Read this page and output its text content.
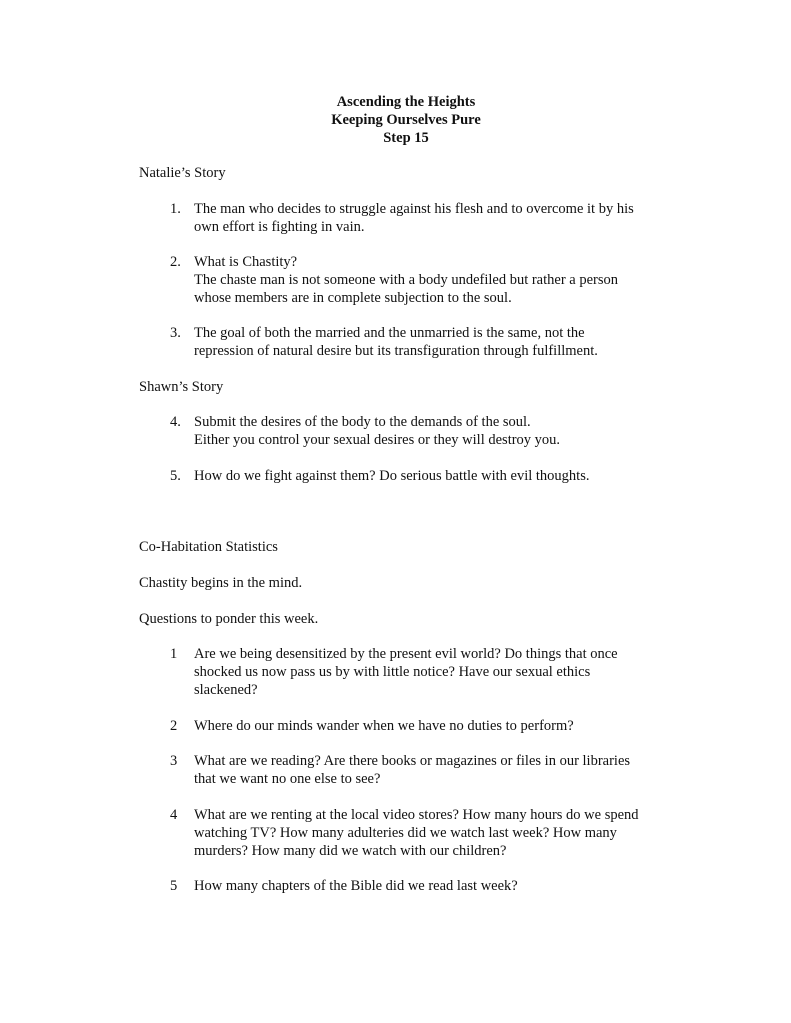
Ascending the Heights
Keeping Ourselves Pure
Step 15
Natalie’s Story
1. The man who decides to struggle against his flesh and to overcome it by his
own effort is fighting in vain.
2. What is Chastity?
The chaste man is not someone with a body undefiled but rather a person
whose members are in complete subjection to the soul.
3. The goal of both the married and the unmarried is the same, not the
repression of natural desire but its transfiguration through fulfillment.
Shawn’s Story
4. Submit the desires of the body to the demands of the soul.
Either you control your sexual desires or they will destroy you.
5. How do we fight against them? Do serious battle with evil thoughts.
Co-Habitation Statistics
Chastity begins in the mind.
Questions to ponder this week.
1	Are we being desensitized by the present evil world? Do things that once
shocked us now pass us by with little notice? Have our sexual ethics
slackened?
2	Where do our minds wander when we have no duties to perform?
3	What are we reading? Are there books or magazines or files in our libraries
that we want no one else to see?
4	What are we renting at the local video stores? How many hours do we spend
watching TV? How many adulteries did we watch last week? How many
murders? How many did we watch with our children?
5	How many chapters of the Bible did we read last week?
